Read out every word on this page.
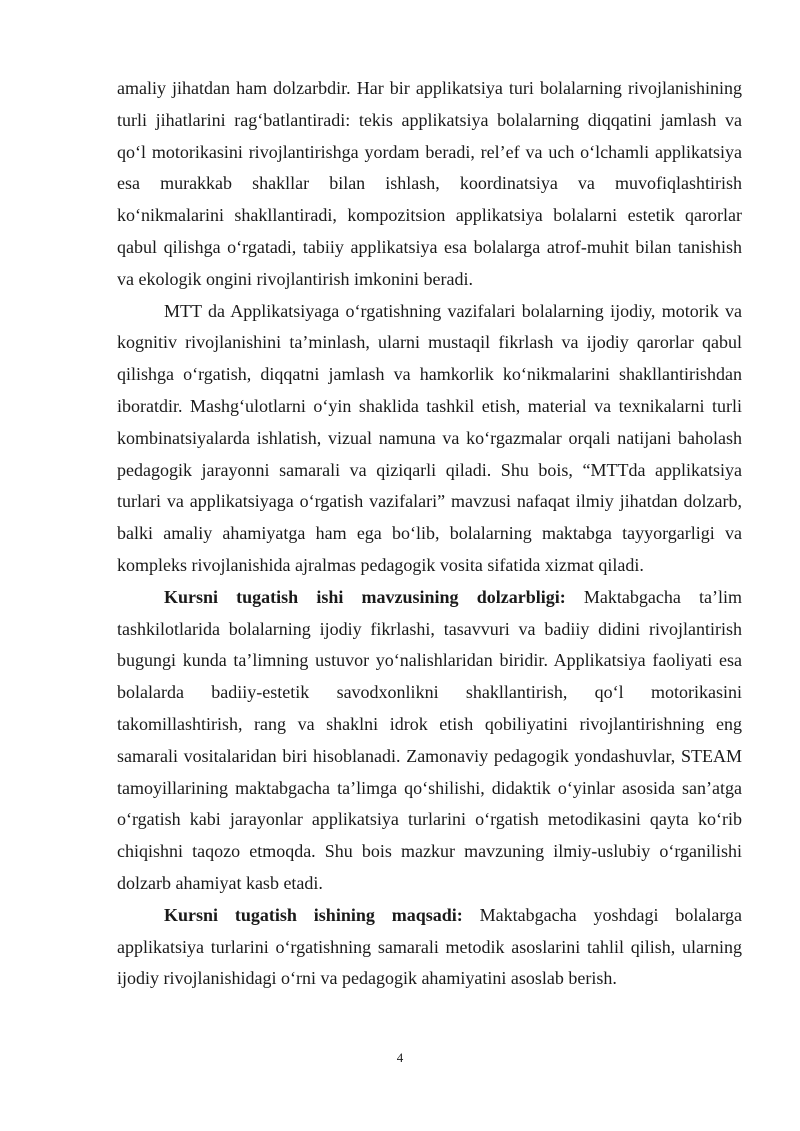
amaliy jihatdan ham dolzarbdir. Har bir applikatsiya turi bolalarning rivojlanishining turli jihatlarini rag‘batlantiradi: tekis applikatsiya bolalarning diqqatini jamlash va qo‘l motorikasini rivojlantirishga yordam beradi, rel’ef va uch o‘lchamli applikatsiya esa murakkab shakllar bilan ishlash, koordinatsiya va muvofiqlashtirish ko‘nikmalarini shakllantiradi, kompozitsion applikatsiya bolalarni estetik qarorlar qabul qilishga o‘rgatadi, tabiiy applikatsiya esa bolalarga atrof-muhit bilan tanishish va ekologik ongini rivojlantirish imkonini beradi.

MTT da Applikatsiyaga o‘rgatishning vazifalari bolalarning ijodiy, motorik va kognitiv rivojlanishini ta’minlash, ularni mustaqil fikrlash va ijodiy qarorlar qabul qilishga o‘rgatish, diqqatni jamlash va hamkorlik ko‘nikmalarini shakllantirishdan iboratdir. Mashg‘ulotlarni o‘yin shaklida tashkil etish, material va texnikalarni turli kombinatsiyalarda ishlatish, vizual namuna va ko‘rgazmalar orqali natijani baholash pedagogik jarayonni samarali va qiziqarli qiladi. Shu bois, “MTTda applikatsiya turlari va applikatsiyaga o‘rgatish vazifalari” mavzusi nafaqat ilmiy jihatdan dolzarb, balki amaliy ahamiyatga ham ega bo‘lib, bolalarning maktabga tayyorgarligi va kompleks rivojlanishida ajralmas pedagogik vosita sifatida xizmat qiladi.

Kursni tugatish ishi mavzusining dolzarbligi: Maktabgacha ta’lim tashkilotlarida bolalarning ijodiy fikrlashi, tasavvuri va badiiy didini rivojlantirish bugungi kunda ta’limning ustuvor yo‘nalishlaridan biridir. Applikatsiya faoliyati esa bolalarda badiiy-estetik savodxonlikni shakllantirish, qo‘l motorikasini takomillashtirish, rang va shaklni idrok etish qobiliyatini rivojlantirishning eng samarali vositalaridan biri hisoblanadi. Zamonaviy pedagogik yondashuvlar, STEAM tamoyillarining maktabgacha ta’limga qo‘shilishi, didaktik o‘yinlar asosida san’atga o‘rgatish kabi jarayonlar applikatsiya turlarini o‘rgatish metodikasini qayta ko‘rib chiqishni taqozo etmoqda. Shu bois mazkur mavzuning ilmiy-uslubiy o‘rganilishi dolzarb ahamiyat kasb etadi.

Kursni tugatish ishining maqsadi: Maktabgacha yoshdagi bolalarga applikatsiya turlarini o‘rgatishning samarali metodik asoslarini tahlil qilish, ularning ijodiy rivojlanishidagi o‘rni va pedagogik ahamiyatini asoslab berish.

4
